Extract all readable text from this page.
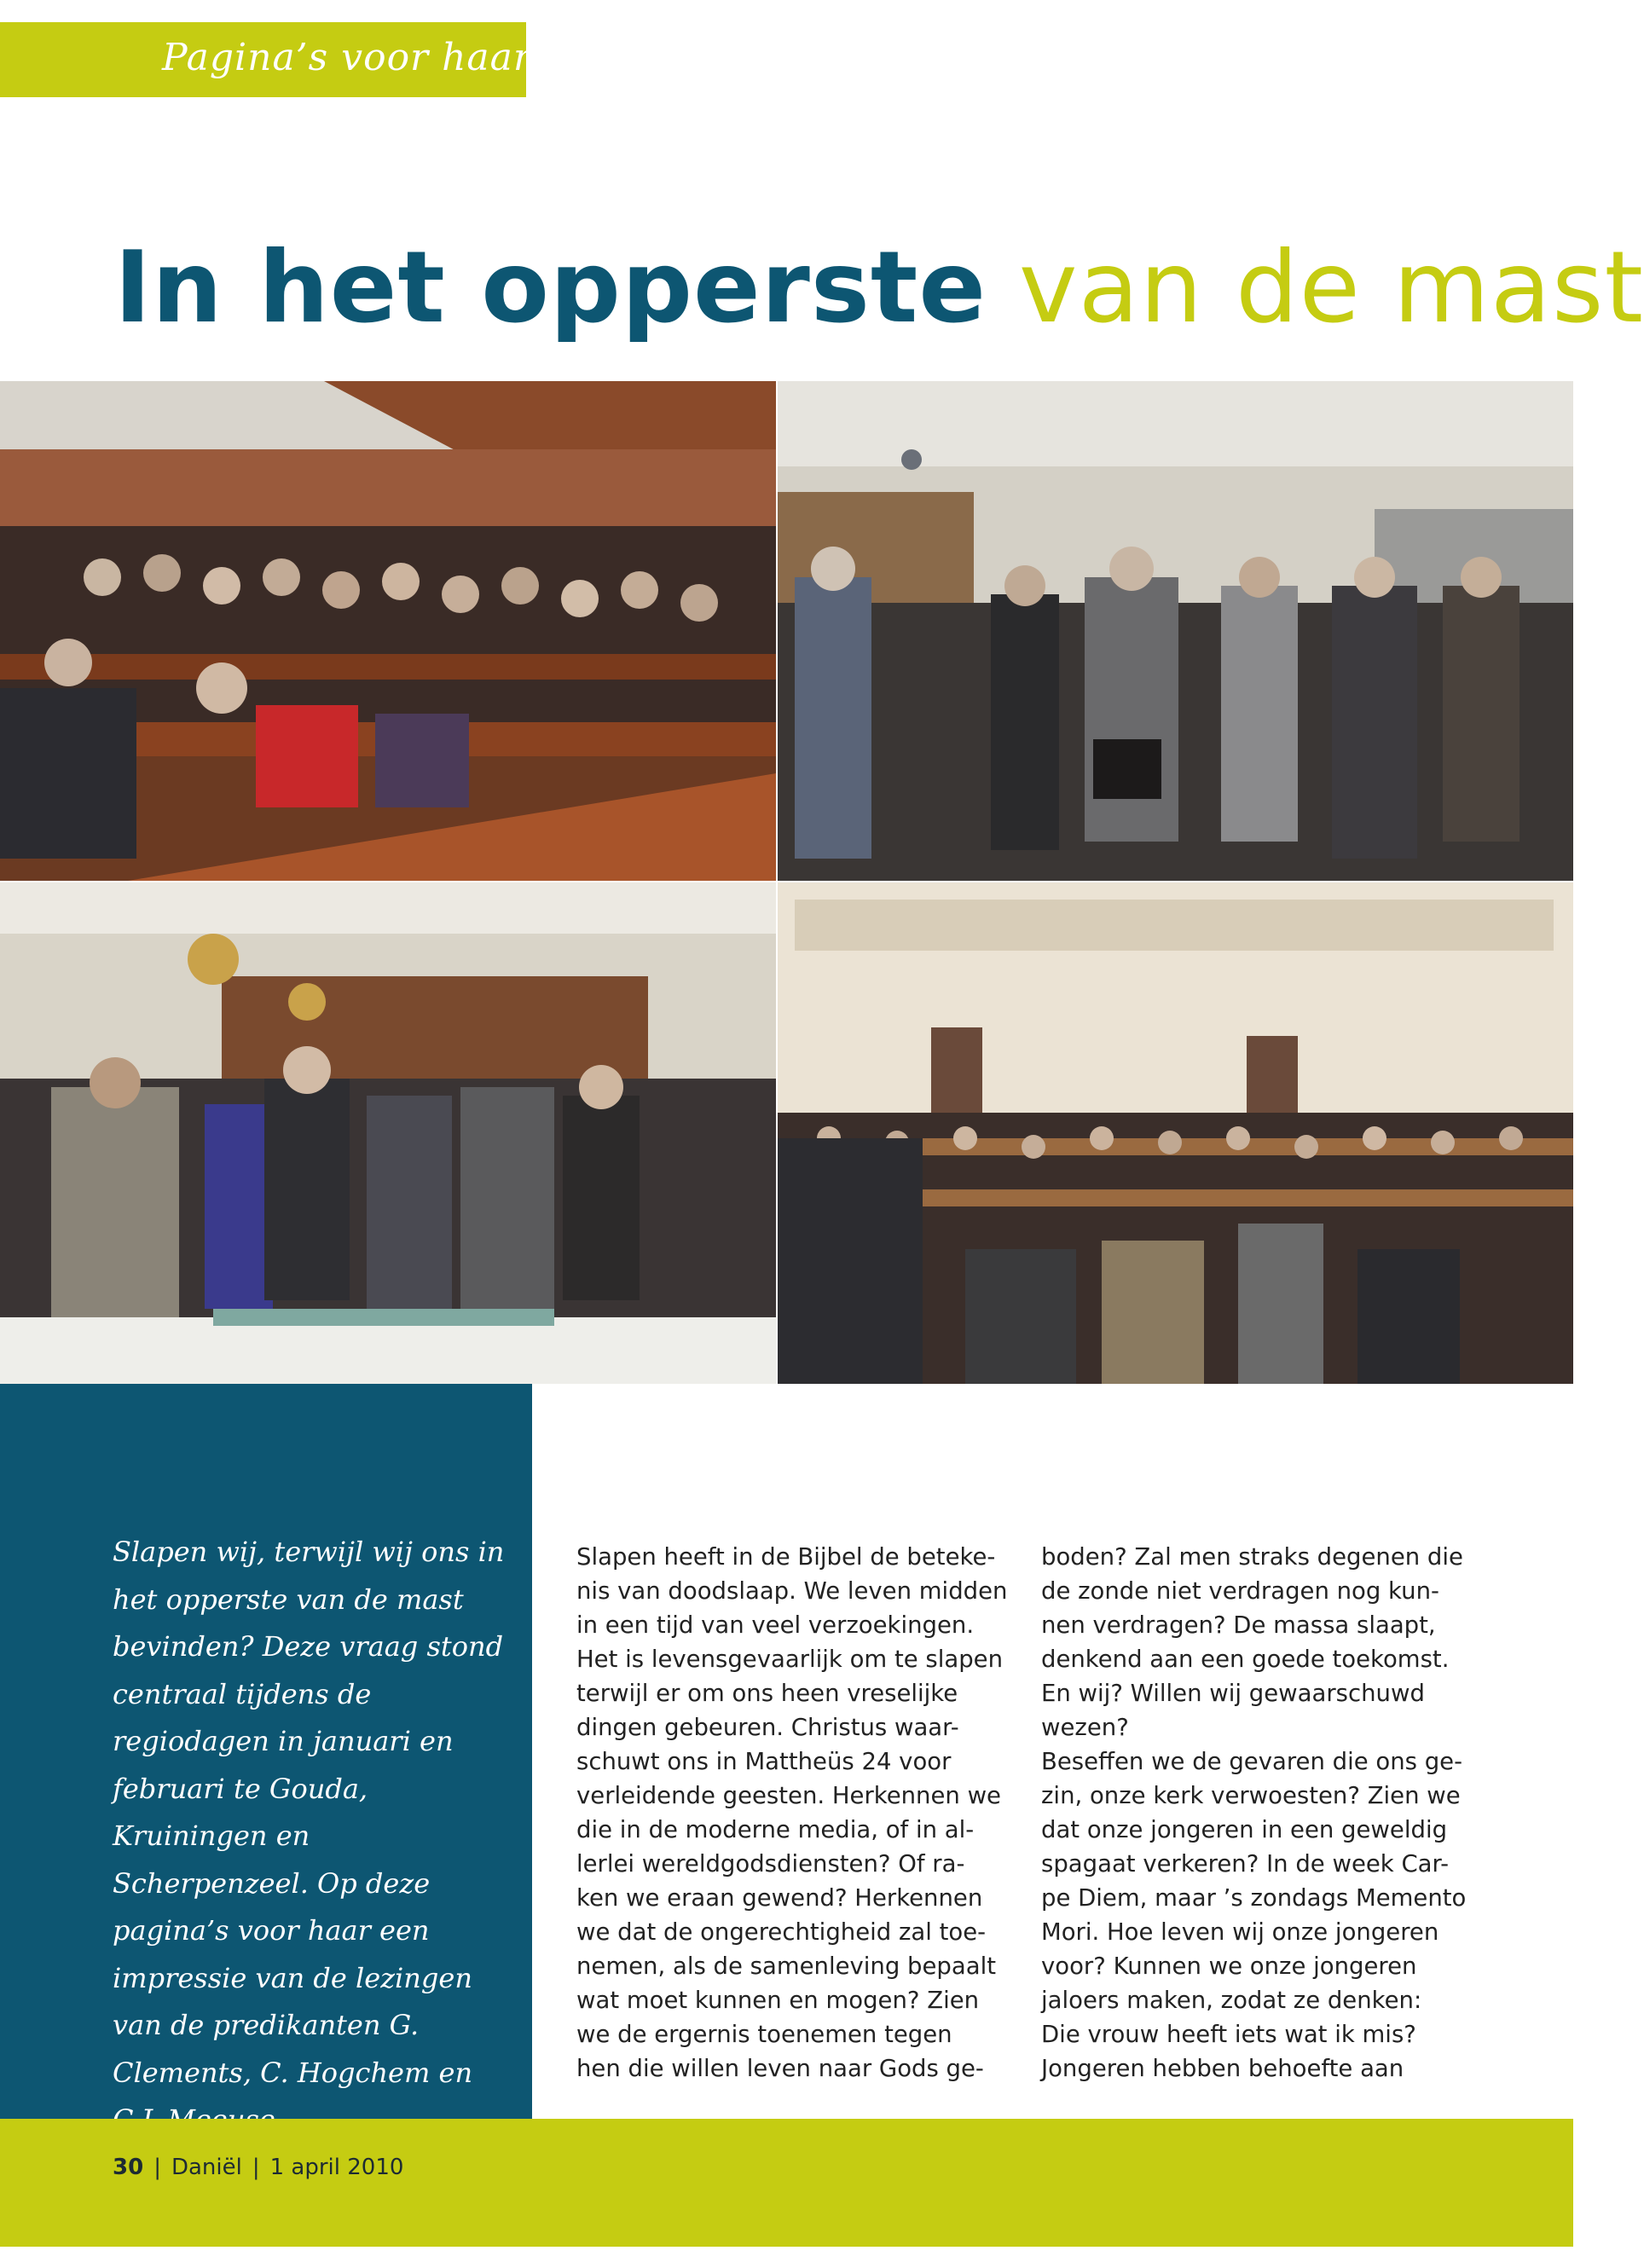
Pagina’s voor haar
In het opperste van de mast

Slapen wij, terwijl wij ons in het opperste van de mast bevinden? Deze vraag stond centraal tijdens de regiodagen in januari en februari te Gouda, Kruiningen en Scherpenzeel. Op deze pagina’s voor haar een impressie van de lezingen van de predikanten G. Clements, C. Hogchem en

Slapen heeft in de Bijbel de beteke-
nis van doodslaap. We leven midden
in een tijd van veel verzoekingen.
Het is levensgevaarlijk om te slapen
terwijl er om ons heen vreselijke
dingen gebeuren. Christus waar-
schuwt ons in Mattheüs 24 voor
verleidende geesten. Herkennen we
die in de moderne media, of in al-
lerlei wereldgodsdiensten? Of ra-
ken we eraan gewend? Herkennen
we dat de ongerechtigheid zal toe-
nemen, als de samenleving bepaalt
wat moet kunnen en mogen? Zien
we de ergernis toenemen tegen
hen die willen leven naar Gods ge-

boden? Zal men straks degenen die
de zonde niet verdragen nog kun-
nen verdragen? De massa slaapt,
denkend aan een goede toekomst.
En wij? Willen wij gewaarschuwd
wezen?
Beseffen we de gevaren die ons ge-
zin, onze kerk verwoesten? Zien we
dat onze jongeren in een geweldig
spagaat verkeren? In de week Car-
pe Diem, maar ’s zondags Memento
Mori. Hoe leven wij onze jongeren
voor? Kunnen we onze jongeren
jaloers maken, zodat ze denken:
Die vrouw heeft iets wat ik mis?
Jongeren hebben behoefte aan

30 | Daniël | 1 april 2010
